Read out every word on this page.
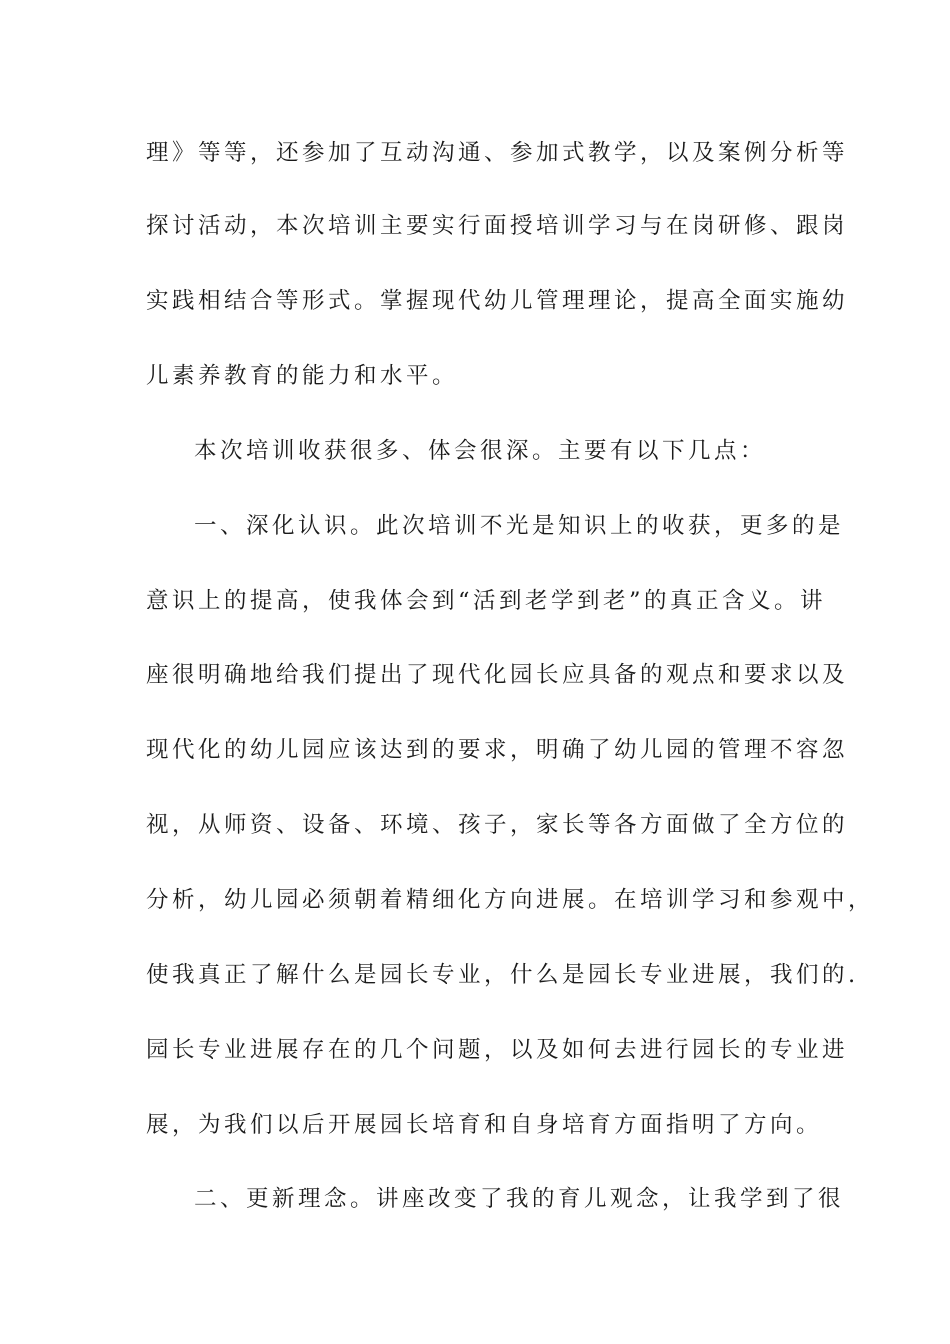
理》等等，还参加了互动沟通、参加式教学，以及案例分析等
探讨活动，本次培训主要实行面授培训学习与在岗研修、跟岗
实践相结合等形式。掌握现代幼儿管理理论，提高全面实施幼
儿素养教育的能力和水平。
本次培训收获很多、体会很深。主要有以下几点：
一、深化认识。此次培训不光是知识上的收获，更多的是
意识上的提高，使我体会到“活到老学到老”的真正含义。讲
座很明确地给我们提出了现代化园长应具备的观点和要求以及
现代化的幼儿园应该达到的要求，明确了幼儿园的管理不容忽
视，从师资、设备、环境、孩子，家长等各方面做了全方位的
分析，幼儿园必须朝着精细化方向进展。在培训学习和参观中，
使我真正了解什么是园长专业，什么是园长专业进展，我们的.
园长专业进展存在的几个问题，以及如何去进行园长的专业进
展，为我们以后开展园长培育和自身培育方面指明了方向。
二、更新理念。讲座改变了我的育儿观念，让我学到了很
